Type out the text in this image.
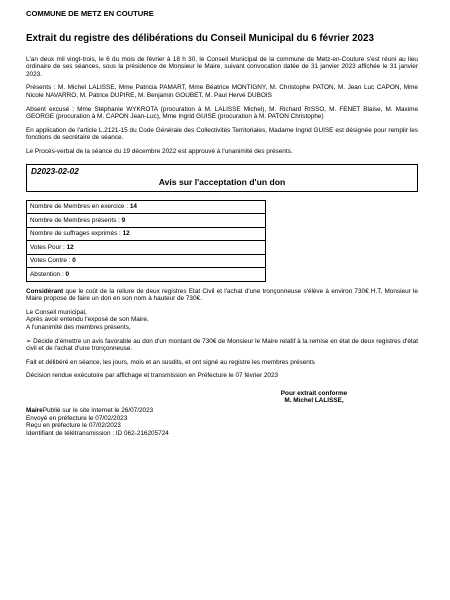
COMMUNE DE METZ EN COUTURE
Extrait du registre des délibérations du Conseil Municipal du 6 février 2023

L'an deux mil vingt-trois, le 6 du mois de février à 18 h 30, le Conseil Municipal de la commune de Metz-en-Couture s'est réuni au lieu ordinaire de ses séances, sous la présidence de Monsieur le Maire, suivant convocation datée de 31 janvier 2023 affichée le 31 janvier 2023.

Présents : M. Michel LALISSE, Mme Patricia PAMART, Mme Béatrice MONTIGNY, M. Christophe PATON, M. Jean Luc CAPON, Mme Nicole NAVARRO, M. Patrice DUPIRE, M. Benjamin GOUBET, M. Paul Hervé DUBOIS

Absent excusé : Mme Stéphanie WYKROTA (procuration à M. LALISSE Michel), M. Richard RISSO, M. FENET Blaise, M. Maxime GEORGE (procuration à M. CAPON Jean-Luc), Mme Ingrid GUISE (procuration à M. PATON Christophe)

En application de l'article L.2121-15 du Code Générale des Collectivités Territoriales, Madame Ingrid GUISE est désignée pour remplir les fonctions de secrétaire de séance.

Le Procès-verbal de la séance du 19 décembre 2022 est approuvé à l'unanimité des présents.

D2023-02-02
Avis sur l'acceptation d'un don
Nombre de Membres en exercice : 14
Nombre de Membres présents : 9
Nombre de suffrages exprimés : 12
Votes Pour : 12
Votes Contre : 0
Abstention : 0

Considérant que le coût de la reliure de deux registres Etat Civil et l'achat d'une tronçonneuse s'élève à environ 730€ H.T, Monsieur le Maire propose de faire un don en son nom à hauteur de 730€.

Le Conseil municipal,
Après avoir entendu l'exposé de son Maire,
A l'unanimité des membres présents,

➢ Décide d'émettre un avis favorable au don d'un montant de 730€ de Monsieur le Maire relatif à la remise en état de deux registres d'état civil et de l'achat d'une tronçonneuse.

Fait et délibéré en séance, les jours, mois et an susdits, et ont signé au registre les membres présents

Décision rendue exécutoire par affichage et transmission en Préfecture le 07 février 2023

Pour extrait conforme
M. Michel LALISSE,
MairePublié sur le site internet le 26/07/2023
Envoyé en préfecture le 07/02/2023
Reçu en préfecture le 07/02/2023
Identifiant de télétransmission : ID 062-216205724
